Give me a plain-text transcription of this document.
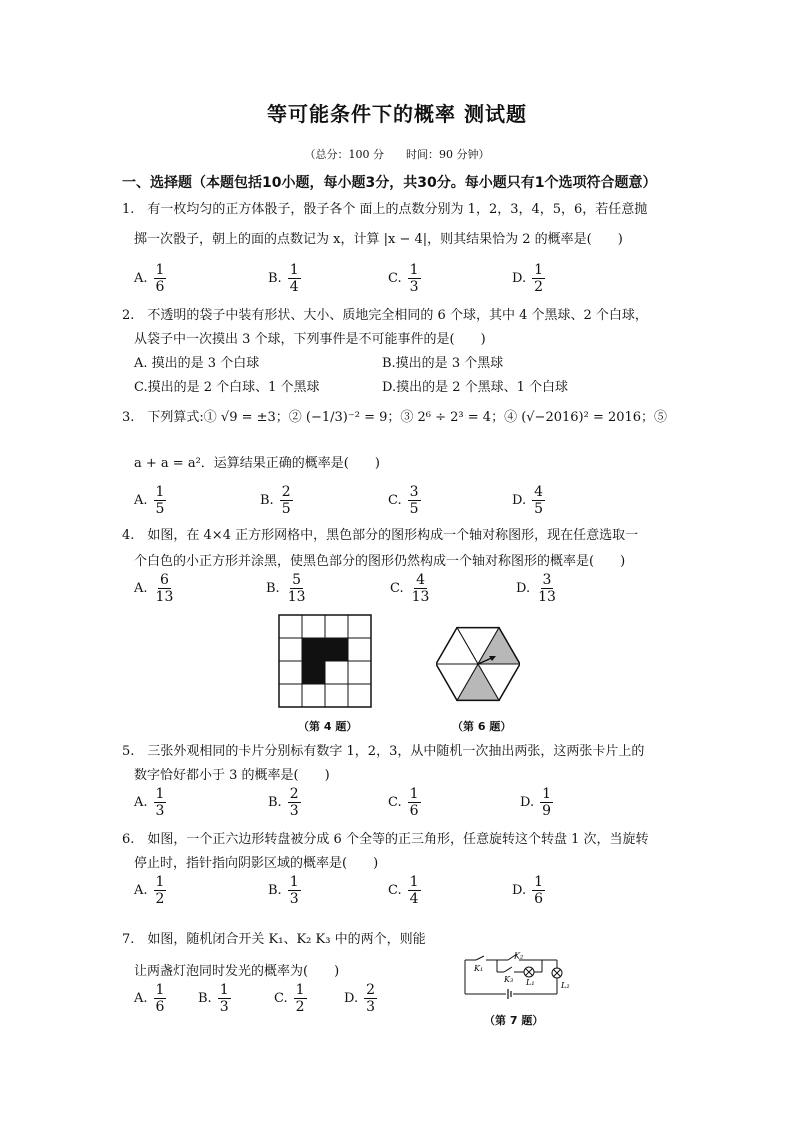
等可能条件下的概率 测试题
（总分：100 分　　时间：90 分钟）
一、选择题（本题包括10小题，每小题3分，共30分。每小题只有1个选项符合题意）
1.　有一枚均匀的正方体骰子，骰子各个 面上的点数分别为 1，2，3，4，5，6，若任意抛
掷一次骰子，朝上的面的点数记为 x，计算 |x − 4|，则其结果恰为 2 的概率是(　　)
A. $\frac{1}{6}$	B. $\frac{1}{4}$	C. $\frac{1}{3}$	D. $\frac{1}{2}$
2.　不透明的袋子中装有形状、大小、质地完全相同的 6 个球，其中 4 个黑球、2 个白球，
从袋子中一次摸出 3 个球，下列事件是不可能事件的是(　　)
A. 摸出的是 3 个白球	B.摸出的是 3 个黑球
C.摸出的是 2 个白球、1 个黑球	D.摸出的是 2 个黑球、1 个白球
3.　下列算式:① √9 = ±3；② (−1/3)⁻² = 9；③ 2⁶ ÷ 2³ = 4；④ (√−2016)² = 2016；⑤
a + a = a²．运算结果正确的概率是(　　)
A. $\frac{1}{5}$	B. $\frac{2}{5}$	C. $\frac{3}{5}$	D. $\frac{4}{5}$
4.　如图，在 4×4 正方形网格中，黑色部分的图形构成一个轴对称图形，现在任意选取一
个白色的小正方形并涂黑，使黑色部分的图形仍然构成一个轴对称图形的概率是(　　)
A. $\frac{6}{13}$	B. $\frac{5}{13}$	C. $\frac{4}{13}$	D. $\frac{3}{13}$
（第 4 题）	（第 6 题）
5.　三张外观相同的卡片分别标有数字 1，2，3，从中随机一次抽出两张，这两张卡片上的
数字恰好都小于 3 的概率是(　　)
A. $\frac{1}{3}$	B. $\frac{2}{3}$	C. $\frac{1}{6}$	D. $\frac{1}{9}$
6.　如图，一个正六边形转盘被分成 6 个全等的正三角形，任意旋转这个转盘 1 次，当旋转
停止时，指针指向阴影区域的概率是(　　)
A. $\frac{1}{2}$	B. $\frac{1}{3}$	C. $\frac{1}{4}$	D. $\frac{1}{6}$
7.　如图，随机闭合开关 K₁、K₂ K₃ 中的两个，则能
让两盏灯泡同时发光的概率为(　　)
A. $\frac{1}{6} B$. $\frac{1}{3}$	C. $\frac{1}{2}$	D. $\frac{2}{3}$
K₁
K₂
K₃ L₁	L₂
（第 7 题）
